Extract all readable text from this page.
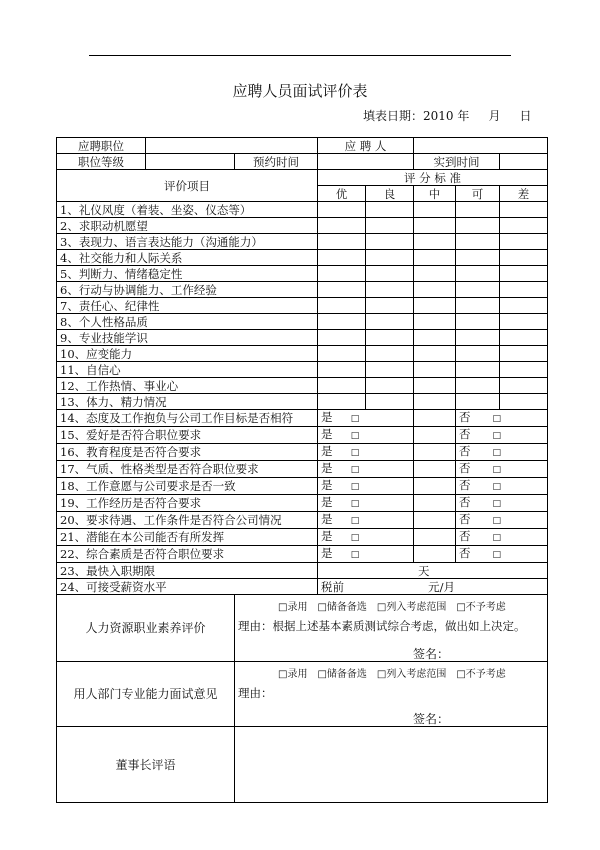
应聘人员面试评价表
填表日期：2010 年 月 日
应聘职位			应 聘 人				
职位等级		预约时间			实到时间		
评价项目			评 分 标 准				
			优	良	中	可	差
1、礼仪风度（着装、坐姿、仪态等）							
2、求职动机愿望							
3、表现力、语言表达能力（沟通能力）							
4、社交能力和人际关系							
5、判断力、情绪稳定性							
6、行动与协调能力、工作经验							
7、责任心、纪律性							
8、个人性格品质							
9、专业技能学识							
10、应变能力							
11、自信心							
12、工作热情、事业心							
13、体力、精力情况							
14、态度及工作抱负与公司工作目标是否相符			是 □			否 □	
15、爱好是否符合职位要求			是 □			否 □	
16、教育程度是否符合要求			是 □			否 □	
17、气质、性格类型是否符合职位要求			是 □			否 □	
18、工作意愿与公司要求是否一致			是 □			否 □	
19、工作经历是否符合要求			是 □			否 □	
20、要求待遇、工作条件是否符合公司情况			是 □			否 □	
21、潜能在本公司能否有所发挥			是 □			否 □	
22、综合素质是否符合职位要求			是 □			否 □	
23、最快入职期限			天				
24、可接受薪资水平			税前 元/月				
人力资源职业素养评价		□录用 □储备备选 □列入考虑范围 □不予考虑
理由：根据上述基本素质测试综合考虑，做出如上决定。
签名：					

用人部门专业能力面试意见		□录用 □储备备选 □列入考虑范围 □不予考虑
理由：
签名：					

董事长评语							
